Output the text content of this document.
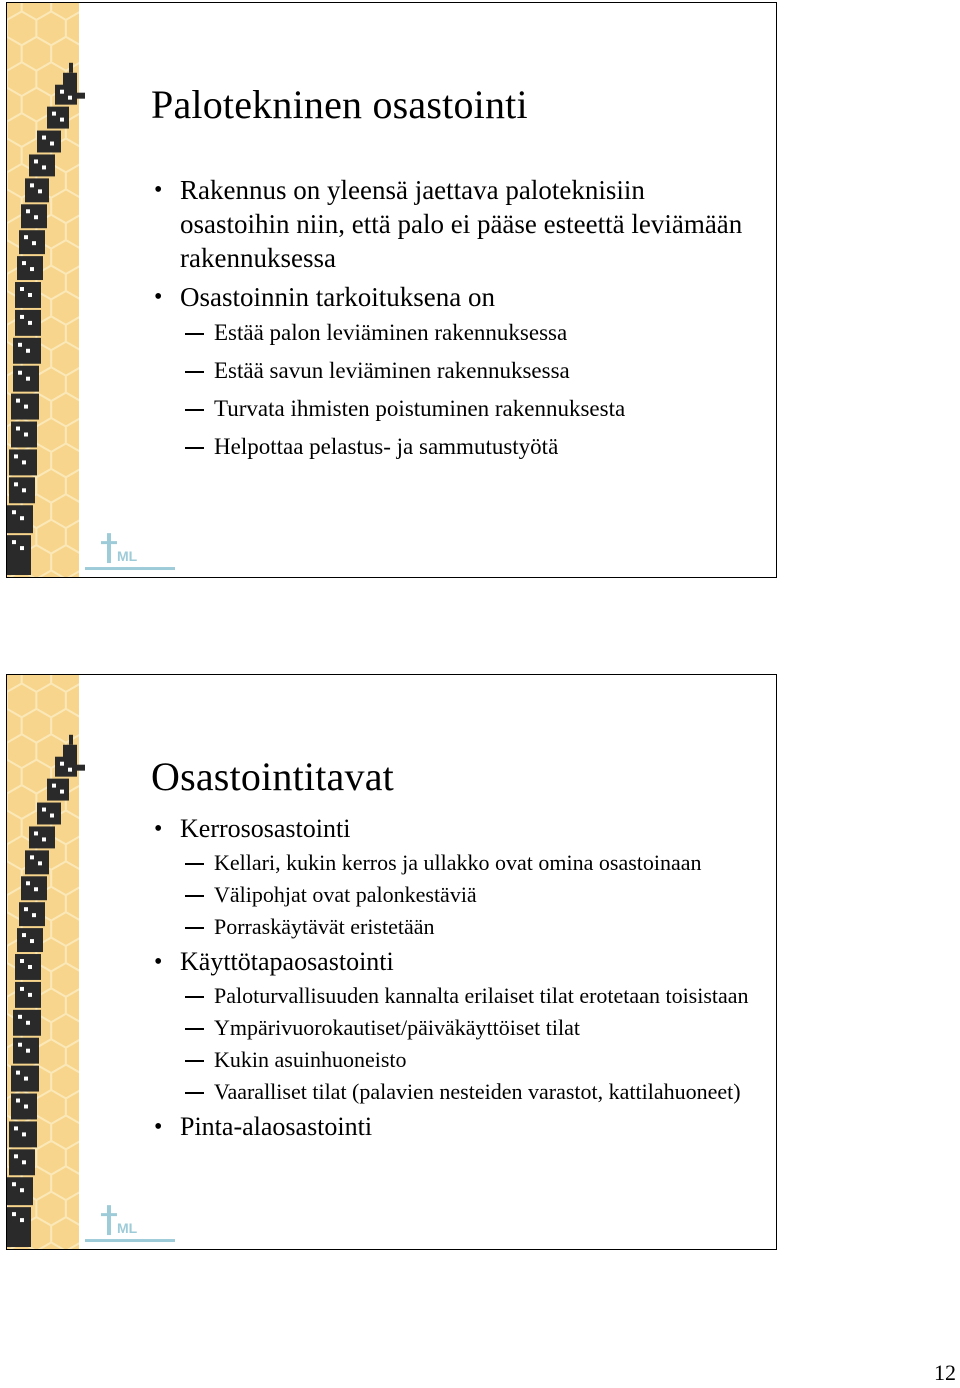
ML
Palotekninen osastointi
• Rakennus on yleensä jaettava paloteknisiin osastoihin niin, että palo ei pääse esteettä leviämään rakennuksessa
• Osastoinnin tarkoituksena on
Estää palon leviäminen rakennuksessa
Estää savun leviäminen rakennuksessa
Turvata ihmisten poistuminen rakennuksesta
Helpottaa pelastus- ja sammutustyötä
ML
Osastointitavat
• Kerrososastointi
Kellari, kukin kerros ja ullakko ovat omina osastoinaan
Välipohjat ovat palonkestäviä
Porraskäytävät eristetään
• Käyttötapaosastointi
Paloturvallisuuden kannalta erilaiset tilat erotetaan toisistaan
Ympärivuorokautiset/päiväkäyttöiset tilat
Kukin asuinhuoneisto
Vaaralliset tilat (palavien nesteiden varastot, kattilahuoneet)
• Pinta-alaosastointi
12
